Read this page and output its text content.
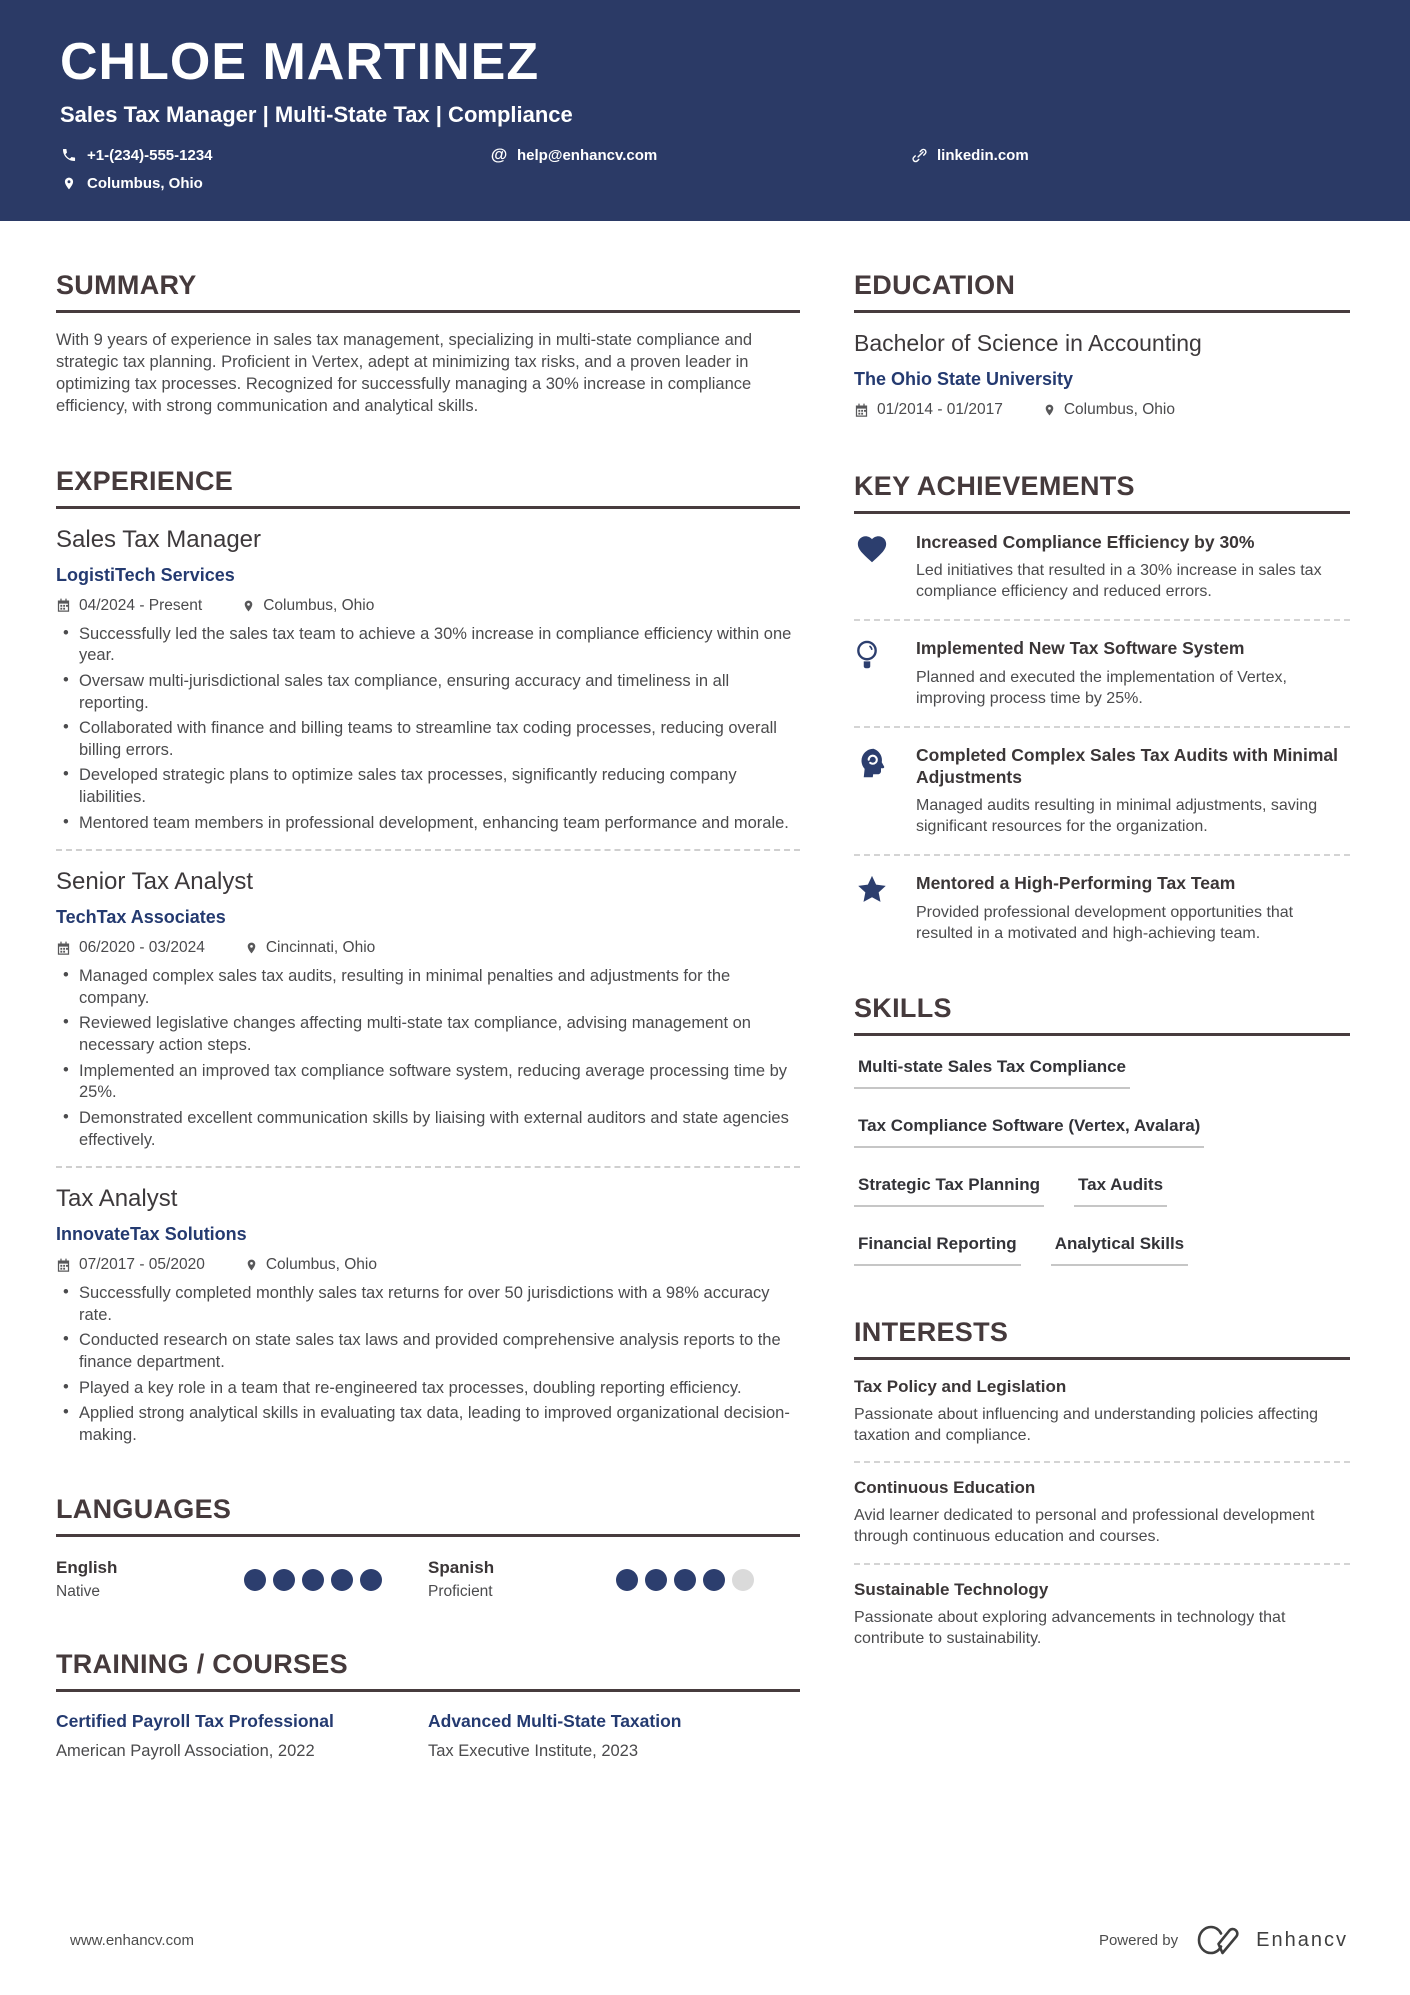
CHLOE MARTINEZ
Sales Tax Manager | Multi-State Tax | Compliance
+1-(234)-555-1234	@ help@enhancv.com	linkedin.com
Columbus, Ohio
SUMMARY

With 9 years of experience in sales tax management, specializing in multi-state compliance and strategic tax planning. Proficient in Vertex, adept at minimizing tax risks, and a proven leader in optimizing tax processes. Recognized for successfully managing a 30% increase in compliance efficiency, with strong communication and analytical skills.

EXPERIENCE
Sales Tax Manager
LogistiTech Services
04/2024 - Present	Columbus, Ohio
• Successfully led the sales tax team to achieve a 30% increase in compliance efficiency within one year.
• Oversaw multi-jurisdictional sales tax compliance, ensuring accuracy and timeliness in all reporting.
• Collaborated with finance and billing teams to streamline tax coding processes, reducing overall billing errors.
• Developed strategic plans to optimize sales tax processes, significantly reducing company liabilities.
• Mentored team members in professional development, enhancing team performance and morale.
Senior Tax Analyst
TechTax Associates
06/2020 - 03/2024	Cincinnati, Ohio
• Managed complex sales tax audits, resulting in minimal penalties and adjustments for the company.
• Reviewed legislative changes affecting multi-state tax compliance, advising management on necessary action steps.
• Implemented an improved tax compliance software system, reducing average processing time by 25%.
• Demonstrated excellent communication skills by liaising with external auditors and state agencies effectively.
Tax Analyst
InnovateTax Solutions
07/2017 - 05/2020	Columbus, Ohio
• Successfully completed monthly sales tax returns for over 50 jurisdictions with a 98% accuracy rate.
• Conducted research on state sales tax laws and provided comprehensive analysis reports to the finance department.
• Played a key role in a team that re-engineered tax processes, doubling reporting efficiency.
• Applied strong analytical skills in evaluating tax data, leading to improved organizational decision-making.
LANGUAGES
English
Native
Spanish
Proficient
TRAINING / COURSES
Certified Payroll Tax Professional
American Payroll Association, 2022
Advanced Multi-State Taxation
Tax Executive Institute, 2023
EDUCATION
Bachelor of Science in Accounting
The Ohio State University
01/2014 - 01/2017	Columbus, Ohio
KEY ACHIEVEMENTS
Increased Compliance Efficiency by 30%
Led initiatives that resulted in a 30% increase in sales tax compliance efficiency and reduced errors.
Implemented New Tax Software System
Planned and executed the implementation of Vertex, improving process time by 25%.
Completed Complex Sales Tax Audits with Minimal Adjustments
Managed audits resulting in minimal adjustments, saving significant resources for the organization.
Mentored a High-Performing Tax Team
Provided professional development opportunities that resulted in a motivated and high-achieving team.
SKILLS
Multi-state Sales Tax Compliance
Tax Compliance Software (Vertex, Avalara)
Strategic Tax Planning Tax Audits
Financial Reporting Analytical Skills
INTERESTS
Tax Policy and Legislation
Passionate about influencing and understanding policies affecting taxation and compliance.
Continuous Education
Avid learner dedicated to personal and professional development through continuous education and courses.
Sustainable Technology
Passionate about exploring advancements in technology that contribute to sustainability.
www.enhancv.com	Powered by	Enhancv
